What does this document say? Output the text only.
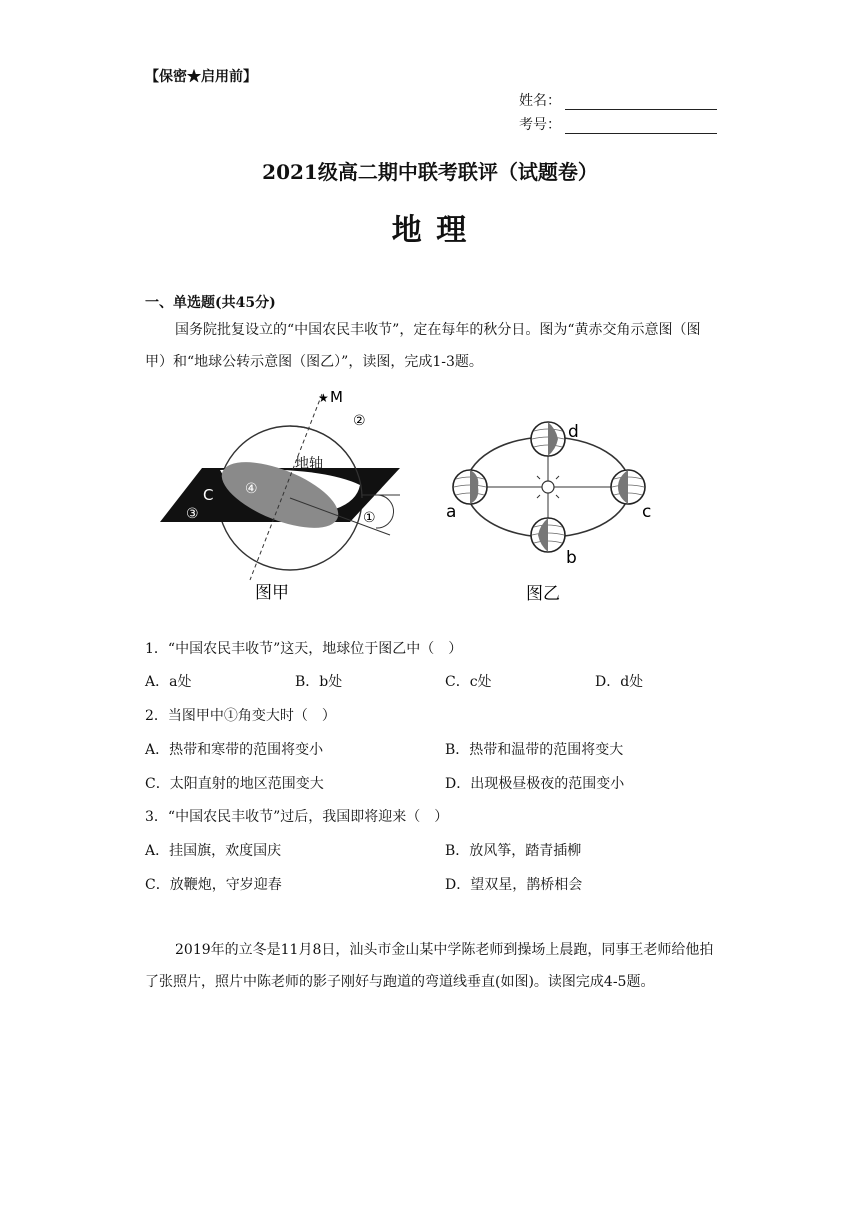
【保密★启用前】
姓名：
考号：
2021级高二期中联考联评（试题卷）
地 理
一、单选题(共45分)
国务院批复设立的“中国农民丰收节”，定在每年的秋分日。图为“黄赤交角示意图（图甲）和“地球公转示意图（图乙）”，读图，完成1-3题。
★ M
②
地轴
④
C
③	①
图甲
a
b
c
d
图乙
1．“中国农民丰收节”这天，地球位于图乙中（　）
A．a处	B．b处	C．c处	D．d处
2．当图甲中①角变大时（　）
A．热带和寒带的范围将变小	B．热带和温带的范围将变大
C．太阳直射的地区范围变大	D．出现极昼极夜的范围变小
3．“中国农民丰收节”过后，我国即将迎来（　）
A．挂国旗，欢度国庆	B．放风筝，踏青插柳
C．放鞭炮，守岁迎春	D．望双星，鹊桥相会
2019年的立冬是11月8日，汕头市金山某中学陈老师到操场上晨跑，同事王老师给他拍了张照片，照片中陈老师的影子刚好与跑道的弯道线垂直(如图)。读图完成4-5题。
